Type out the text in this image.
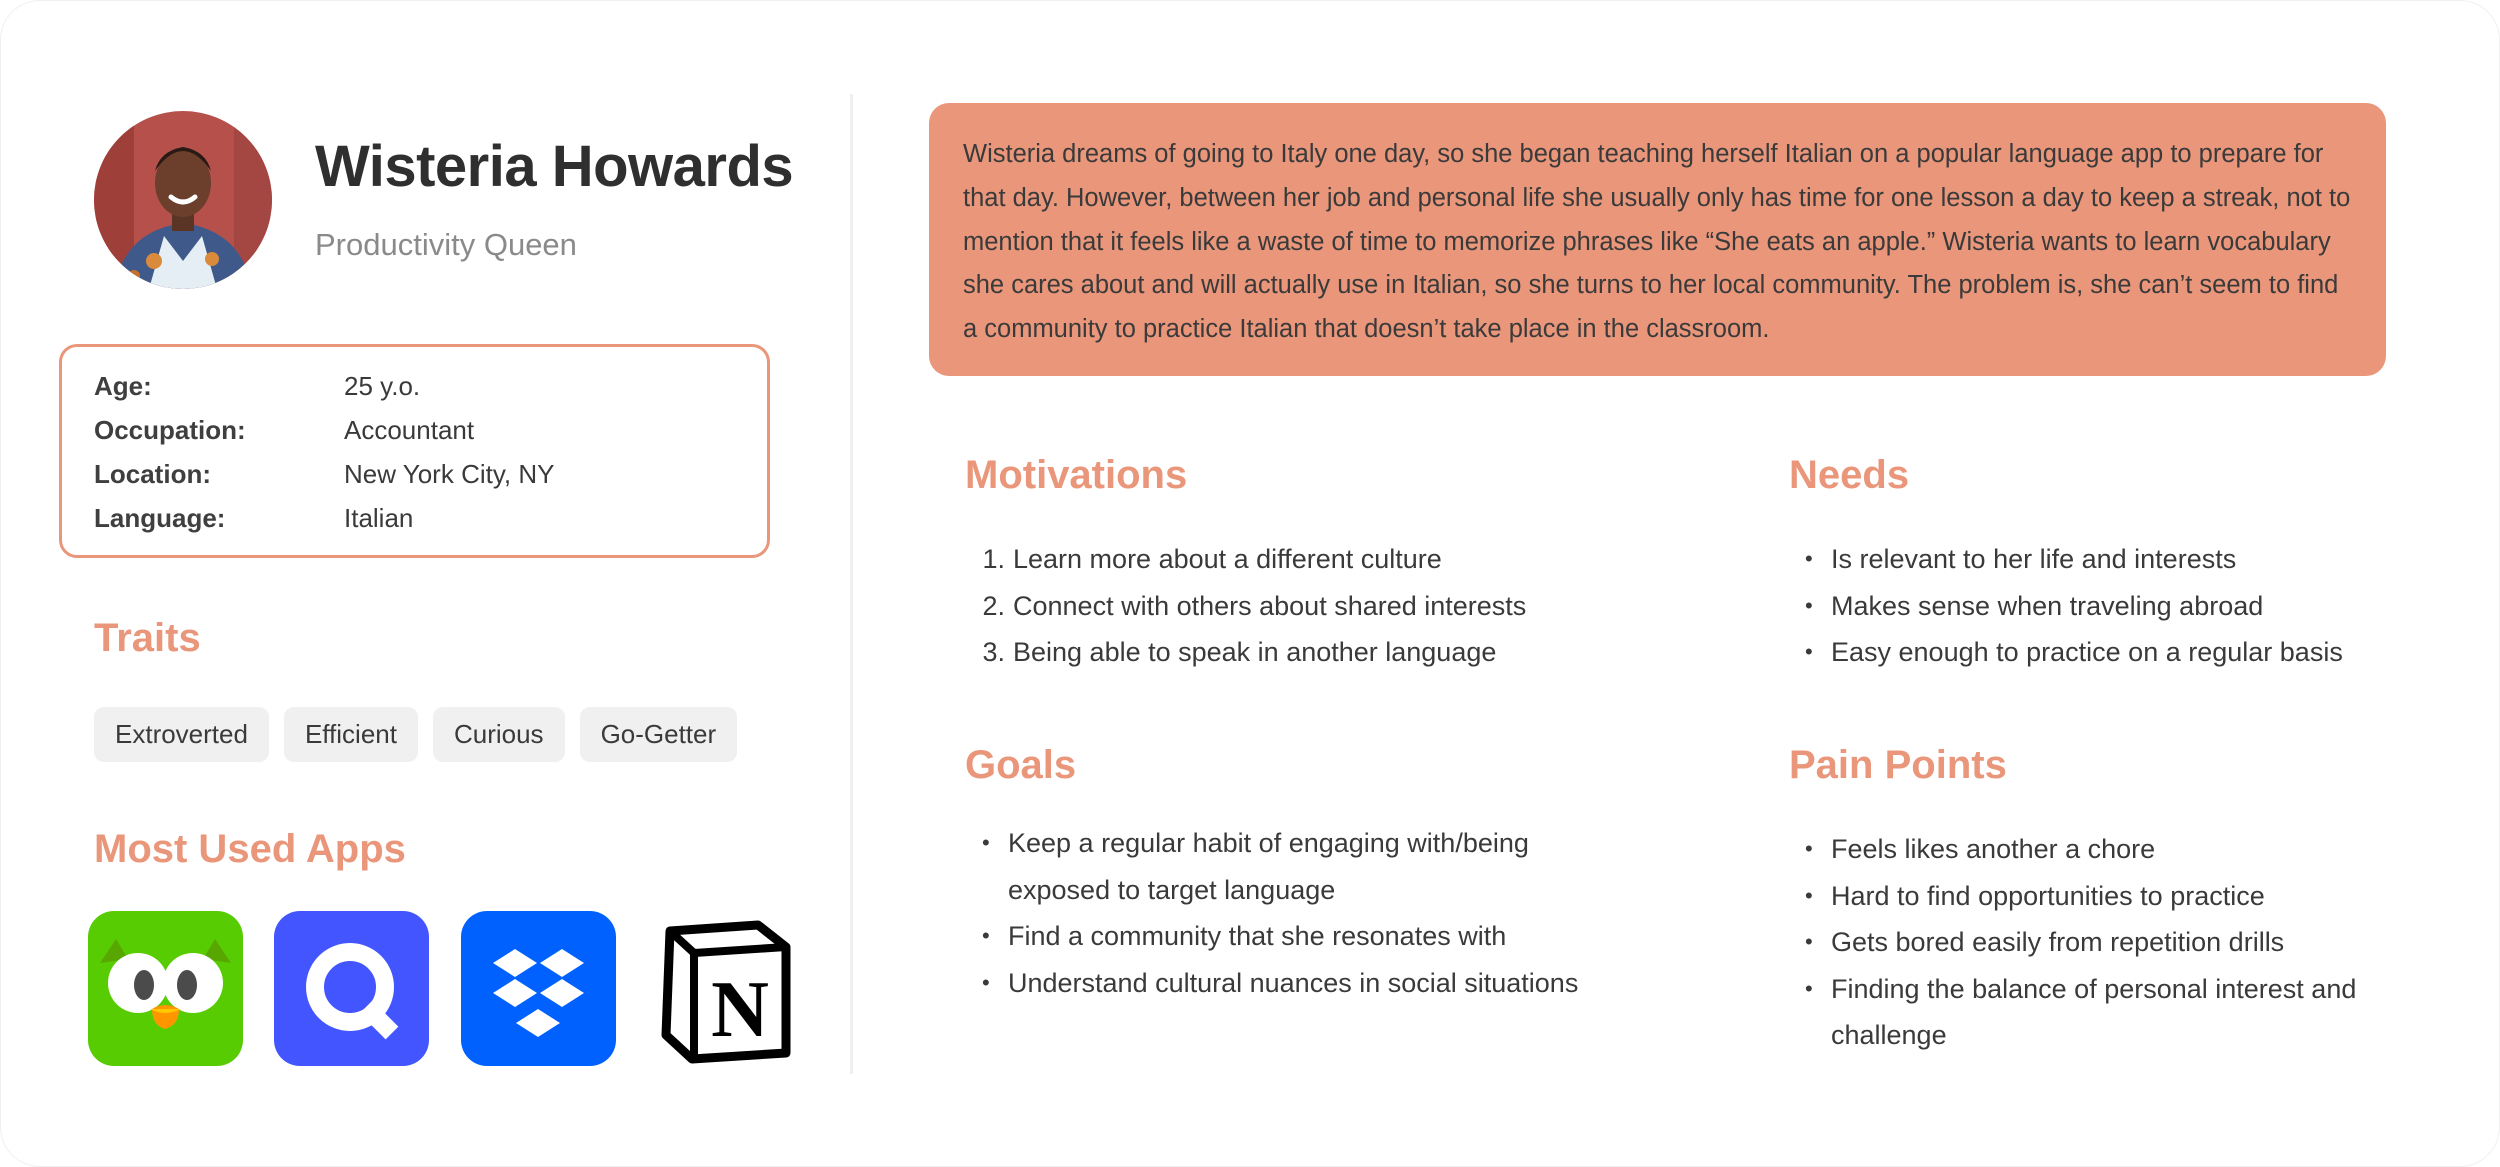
Wisteria Howards
Productivity Queen
Age:	25 y.o.
Occupation:	Accountant
Location:	New York City, NY
Language:	Italian
Traits
Extroverted	Efficient	Curious	Go-Getter
Most Used Apps
N
Wisteria dreams of going to Italy one day, so she began teaching herself Italian on a popular language app to prepare for that day. However, between her job and personal life she usually only has time for one lesson a day to keep a streak, not to mention that it feels like a waste of time to memorize phrases like “She eats an apple.” Wisteria wants to learn vocabulary she cares about and will actually use in Italian, so she turns to her local community. The problem is, she can’t seem to find a community to practice Italian that doesn’t take place in the classroom.
Motivations
1. Learn more about a different culture
2. Connect with others about shared interests
3. Being able to speak in another language
Needs
• Is relevant to her life and interests
• Makes sense when traveling abroad
• Easy enough to practice on a regular basis
Goals
• Keep a regular habit of engaging with/being exposed to target language
• Find a community that she resonates with
• Understand cultural nuances in social situations
Pain Points
• Feels likes another a chore
• Hard to find opportunities to practice
• Gets bored easily from repetition drills
• Finding the balance of personal interest and challenge
